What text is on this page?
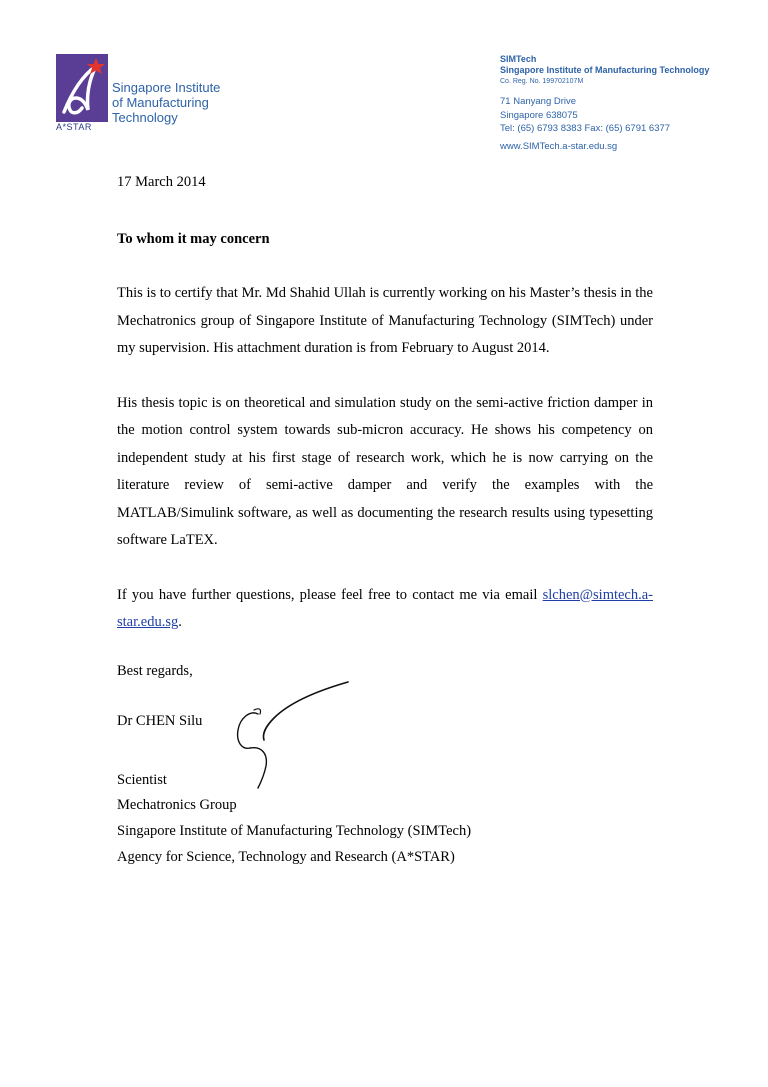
A*STAR
Singapore Institute
of Manufacturing
Technology
SIMTech
Singapore Institute of Manufacturing Technology
Co. Reg. No. 199702107M
71 Nanyang Drive
Singapore 638075
Tel: (65) 6793 8383 Fax: (65) 6791 6377
www.SIMTech.a-star.edu.sg

17 March 2014

To whom it may concern

This is to certify that Mr. Md Shahid Ullah is currently working on his Master’s thesis in the Mechatronics group of Singapore Institute of Manufacturing Technology (SIMTech) under my supervision. His attachment duration is from February to August 2014.

His thesis topic is on theoretical and simulation study on the semi-active friction damper in the motion control system towards sub-micron accuracy. He shows his competency on independent study at his first stage of research work, which he is now carrying on the literature review of semi-active damper and verify the examples with the MATLAB/Simulink software, as well as documenting the research results using typesetting software LaTEX.

If you have further questions, please feel free to contact me via email slchen@simtech.a-star.edu.sg.

Best regards,

Dr CHEN Silu

Scientist
Mechatronics Group
Singapore Institute of Manufacturing Technology (SIMTech)
Agency for Science, Technology and Research (A*STAR)
